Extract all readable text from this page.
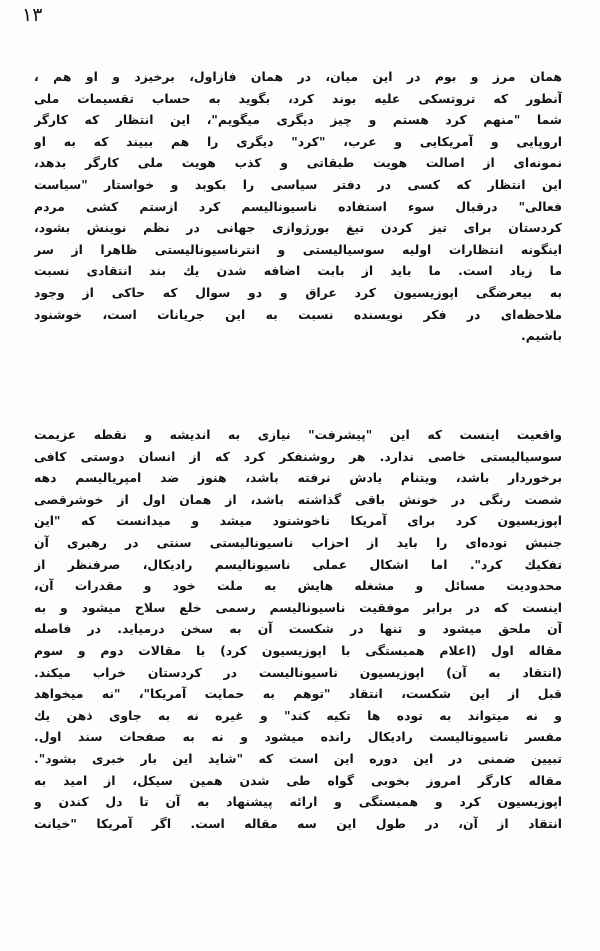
١٣
همان مرز و بوم در این میان، در همان فازاول، برخیزد و او هم ،
آنطور که تروتسکی علیه بوند کرد، بگوید به حساب تقسیمات ملی
شما "منهم کرد هستم و چیز دیگری میگویم"، این انتظار که کارگر
اروپایی و آمریکایی و عرب، "کرد" دیگری را هم ببیند که به او
نمونه‌ای از اصالت هویت طبقاتی و کذب هویت ملی کارگر بدهد،
این انتظار که کسی در دفتر سیاسی را بکوبد و خواستار "سیاست
فعالی" درقبال سوء استفاده ناسیونالیسم کرد ازستم کشی مردم
کردستان برای تیز کردن تیغ بورژوازی جهانی در نظم نوینش بشود،
اینگونه انتظارات اولیه سوسیالیستی و انترناسیونالیستی ظاهرا از سر
ما زیاد است. ما باید از بابت اضافه شدن یك بند انتقادی نسبت
به بیعرضگی اپوزیسیون کرد عراق و دو سوال که حاکی از وجود
ملاحظه‌ای در فکر نویسنده نسبت به این جریانات است، خوشنود
باشیم.
واقعیت اینست که این "پیشرفت" نیازی به اندیشه و نقطه عزیمت
سوسیالیستی خاصی ندارد. هر روشنفکر کرد که از انسان دوستی کافی
برخوردار باشد، ویتنام یادش نرفته باشد، هنوز ضد امپریالیسم دهه
شصت رنگی در خونش باقی گذاشته باشد، از همان اول از خوشرقصی
اپوزیسیون کرد برای آمریکا ناخوشنود میشد و میدانست که "این
جنبش توده‌ای را باید از احزاب ناسیونالیستی سنتی در رهبری آن
تفکیك کرد". اما اشکال عملی ناسیونالیسم رادیکال، صرفنظر از
محدودیت مسائل و مشغله هایش به ملت خود و مقدرات آن،
اینست که در برابر موفقیت ناسیونالیسم رسمی خلع سلاح میشود و به
آن ملحق میشود و تنها در شکست آن به سخن درمیاید. در فاصله
مقاله اول (اعلام همبستگی با اپوزیسیون کرد) با مقالات دوم و سوم
(انتقاد به آن) اپوزیسیون ناسیونالیست در کردستان خراب میکند.
قبل از این شکست، انتقاد "توهم به حمایت آمریکا"، "نه میخواهد
و نه میتواند به توده ها تکیه کند" و غیره نه به جاوی ذهن یك
مفسر ناسیونالیست رادیکال رانده میشود و نه به صفحات سند اول.
تبیین ضمنی در این دوره این است که "شاید این بار خبری بشود".
مقاله کارگر امروز بخوبی گواه طی شدن همین سیکل، از امید به
اپوزیسیون کرد و همبستگی و ارائه پیشنهاد به آن تا دل کندن و
انتقاد از آن، در طول این سه مقاله است. اگر آمریکا "خیانت
